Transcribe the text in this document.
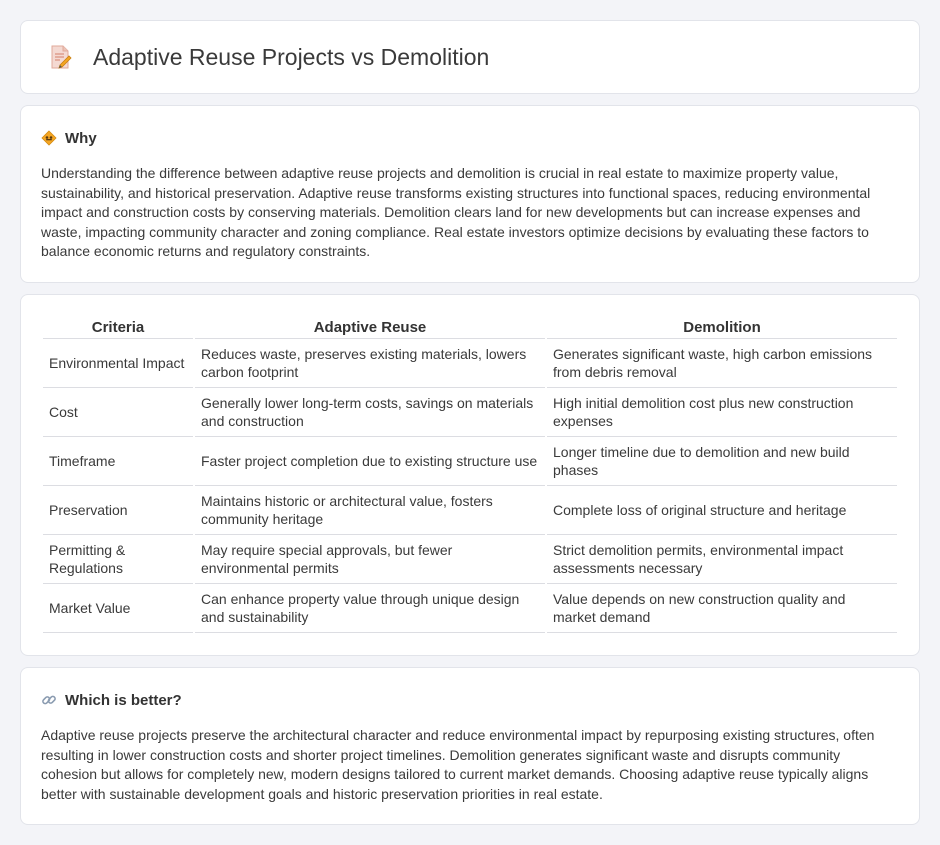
Adaptive Reuse Projects vs Demolition
Why

Understanding the difference between adaptive reuse projects and demolition is crucial in real estate to maximize property value, sustainability, and historical preservation. Adaptive reuse transforms existing structures into functional spaces, reducing environmental impact and construction costs by conserving materials. Demolition clears land for new developments but can increase expenses and waste, impacting community character and zoning compliance. Real estate investors optimize decisions by evaluating these factors to balance economic returns and regulatory constraints.

Criteria	Adaptive Reuse	Demolition
Environmental Impact	Reduces waste, preserves existing materials, lowers carbon footprint	Generates significant waste, high carbon emissions from debris removal
Cost	Generally lower long-term costs, savings on materials and construction	High initial demolition cost plus new construction expenses
Timeframe	Faster project completion due to existing structure use	Longer timeline due to demolition and new build phases
Preservation	Maintains historic or architectural value, fosters community heritage	Complete loss of original structure and heritage
Permitting & Regulations	May require special approvals, but fewer environmental permits	Strict demolition permits, environmental impact assessments necessary
Market Value	Can enhance property value through unique design and sustainability	Value depends on new construction quality and market demand
Which is better?

Adaptive reuse projects preserve the architectural character and reduce environmental impact by repurposing existing structures, often resulting in lower construction costs and shorter project timelines. Demolition generates significant waste and disrupts community cohesion but allows for completely new, modern designs tailored to current market demands. Choosing adaptive reuse typically aligns better with sustainable development goals and historic preservation priorities in real estate.
